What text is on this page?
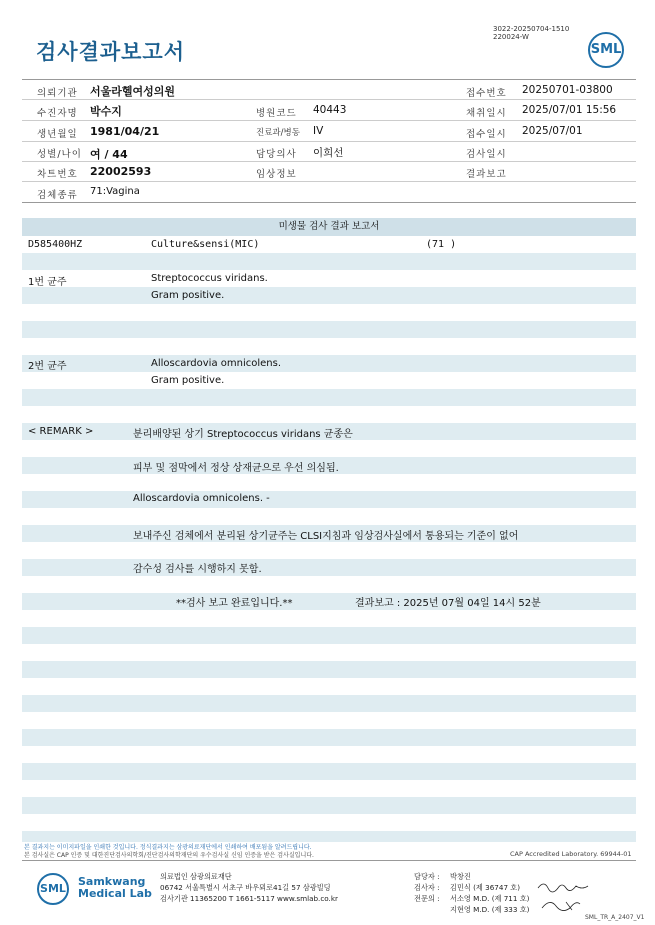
검사결과보고서
3022-20250704-1510
220024-W
SML
의뢰기관 서울라헬여성의원	접수번호 20250701-03800
수진자명 박수지	병원코드 40443	채취일시 2025/07/01 15:56
생년월일 1981/04/21	진료과/병동 IV	접수일시 2025/07/01
성별/나이 여 / 44	담당의사 이희선	검사일시
차트번호 22002593	임상정보	결과보고
검체종류 71:Vagina
미생물 검사 결과 보고서
D585400HZ	Culture&sensi(MIC)	(71 )
1번 균주	Streptococcus viridans.
Gram positive.
2번 균주	Alloscardovia omnicolens.
Gram positive.
< REMARK >	분리배양된 상기 Streptococcus viridans 균종은
피부 및 점막에서 정상 상재균으로 우선 의심됨.
Alloscardovia omnicolens. -
보내주신 검체에서 분리된 상기균주는 CLSI지침과 임상검사실에서 통용되는 기준이 없어
감수성 검사를 시행하지 못함.
**검사 보고 완료입니다.**	결과보고 : 2025년 07월 04일 14시 52분
본 결과지는 이미지파일을 인쇄한 것입니다. 정식결과지는 삼광의료재단에서 인쇄하여 배포됨을 알려드립니다.
본 검사실은 CAP 인증 및 대한진단검사의학회/진단검사의학재단의 우수검사실 신임 인증을 받은 검사실입니다.	CAP Accredited Laboratory. 69944-01
SML
Samkwang
Medical Lab
의료법인 삼광의료재단
06742 서울특별시 서초구 바우뫼로41길 57 삼광빌딩
검사기관 11365200 T 1661-5117 www.smlab.co.kr
담당자 : 박창진
검사자 : 김민식 (제 36747 호)
전문의 : 서소영 M.D. (제 711 호)
지현영 M.D. (제 333 호)
SML_TR_A_2407_V1
